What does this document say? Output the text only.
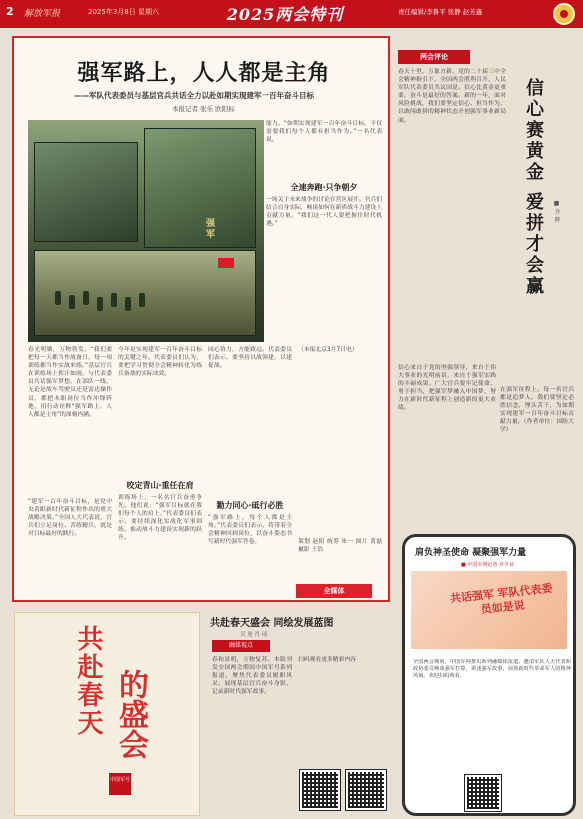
2 解放军报	2025年3月8日 星期六	2025两会特刊	责任编辑/李鲁平 张静 赵芳鑫
强军路上，人人都是主角
——军队代表委员与基层官兵共话全力以赴如期实现建军一百年奋斗目标
本报记者 张乐 欧阳标
强军
能力。“如期实现建军一百年奋斗目标，不仅需要我们每个人都有担当作为。”一名代表说。
全速奔跑·只争朝夕
一场关于未来战争的讨论在营区展开。官兵们结合自身实际，畅谈如何在新质战斗力建设上贡献力量。“我们这一代人要把握住时代机遇。”
春光明媚，万物勃发。“我们要把每一天都当作战备日，每一项训练都当作实战来练。”基层官兵在训练场上挥汗如雨，与代表委员共话强军梦想。在部队一线，无论是战车驾驶员还是雷达操作员，都把本职岗位当作冲锋阵地，用行动诠释“强军路上，人人都是主角”的深刻内涵。
“建军一百年奋斗目标，是党中央着眼新时代新征程作出的重大战略决策。”全国人大代表说，官兵们立足岗位、苦练精兵，就是对目标最好的践行。
今年是实现建军一百年奋斗目标的关键之年。代表委员们认为，要把学习贯彻全会精神转化为练兵备战的实际成效。
咬定青山·重任在肩
训练场上，一名名官兵奋勇争先。他们说：“强军目标就在我们每个人的肩上。”代表委员们表示，要持续深化实战化军事训练，推动战斗力建设实现新的跃升。
同心协力，方能致远。代表委员们表示，要坚持以战领建，以建促战。
勠力同心·砥行必胜
“强军路上，每个人都是主角。”代表委员们表示，将带着全会精神回到岗位，以奋斗姿态书写新时代强军答卷。
（本报北京3月7日电）
策划 赵阳 统筹 朱一 图片 黄磊 摄影 王浩
全媒体
两会评论
春天十里，万象方新。党的二十届三中全会精神指引下，全国两会胜利召开，人民军队代表委员共议国是。信心比黄金更重要，奋斗是最好的答案。新的一年，面对风险挑战，我们要坚定信心、担当作为，以敢闯敢拼的精神状态开创强军事业新局面。
信心来自于党的坚强领导，来自于伟大事业的光明前景，来自于强军实践的丰硕成果。广大官兵要牢记使命，勇于担当，把强军梦融入中国梦，努力在新时代新征程上创造新的更大业绩。
信心赛黄金 爱拼才会赢	■ 齐 晖
在强军征程上，每一名官兵都是追梦人。我们要坚定必胜信念，埋头苦干，为如期实现建军一百年奋斗目标贡献力量。（作者单位：国防大学）
共赴春天 的盛会
中国军号
共赴春天盛会 同绘发展蓝图
吴 迪 肖 瑶
融媒视点
春和景明，万物复苏。本版刊发全国两会期间中国军号系列报道，聚焦代表委员履职风采，展现基层官兵奋斗身影，记录新时代强军故事。
扫码观看更多精彩内容
肩负神圣使命 凝聚强军力量
■ 中国军网记者 齐夕良
共话强军 军队代表委员如是说
全国两会期间，中国军网推出系列融媒体报道，邀请军队人大代表和政协委员畅谈强军打算，讲述强军故事，展现新时代革命军人的精神风貌。欢迎扫码观看。
